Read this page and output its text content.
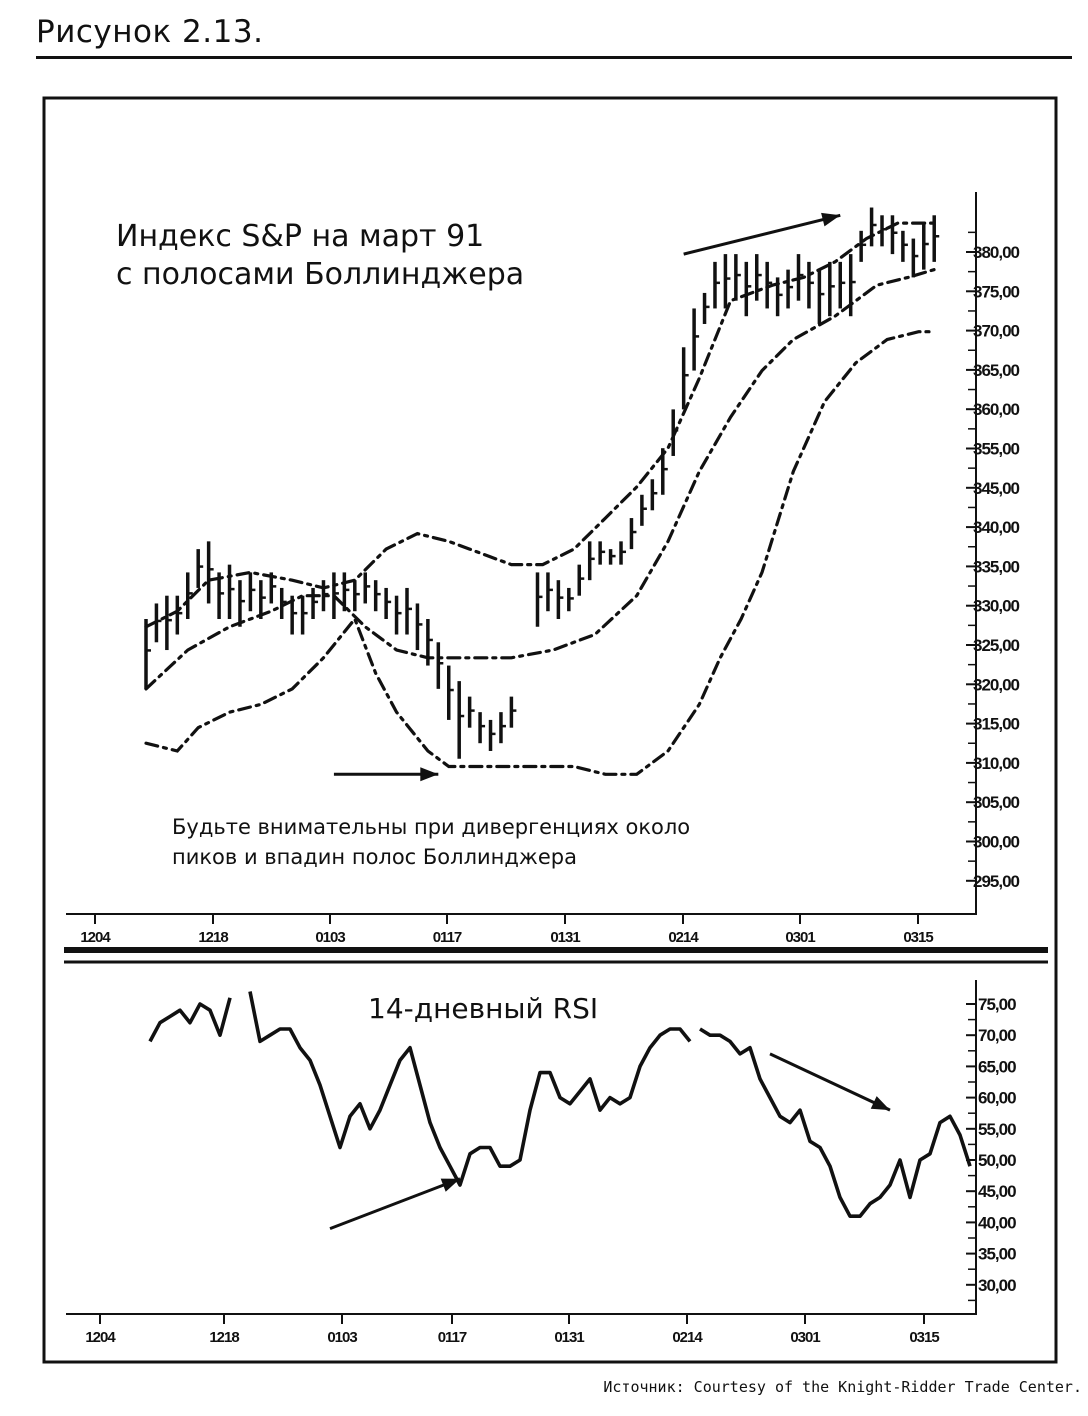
Рисунок 2.13.
380,00
375,00
370,00
365,00
360,00
355,00
345,00
340,00
335,00
330,00
325,00
320,00
315,00
310,00
305,00
300,00
295,00
1204	1218	0103	0117	0131	0214	0301	0315
Индекс S&P на март 91
с полосами Боллинджера
Будьте внимательны при дивергенциях около
пиков и впадин полос Боллинджера
75,00
70,00
65,00
60,00
55,00
50,00
45,00
40,00
35,00
30,00
1204	1218	0103	0117	0131	0214	0301	0315
14-дневный RSI
Источник: Courtesy of the Knight-Ridder Trade Center.
